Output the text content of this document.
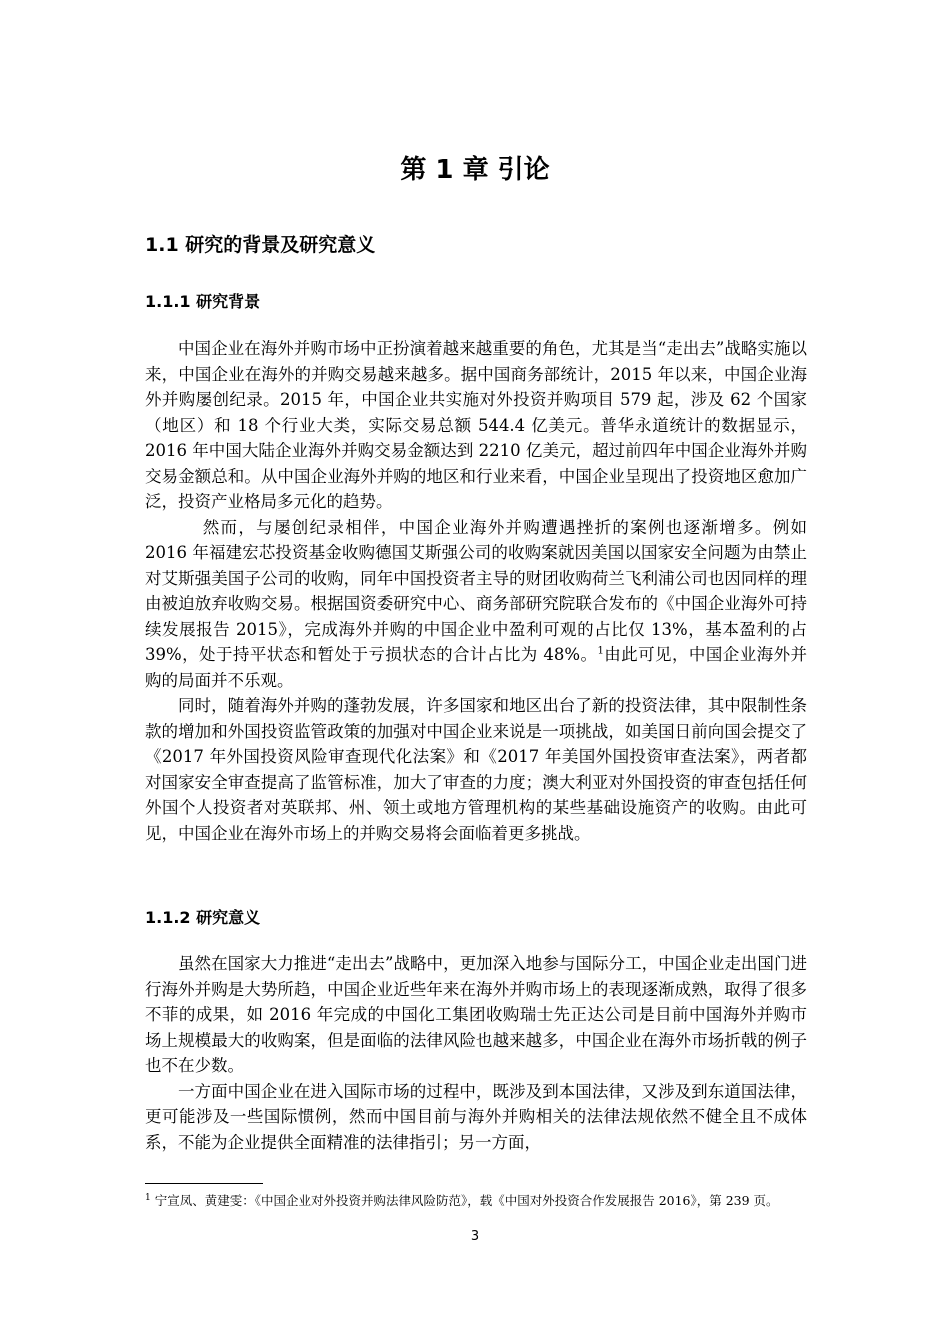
第 1 章 引论
1.1 研究的背景及研究意义
1.1.1 研究背景

中国企业在海外并购市场中正扮演着越来越重要的角色，尤其是当“走出去”战略实施以来，中国企业在海外的并购交易越来越多。据中国商务部统计，2015 年以来，中国企业海外并购屡创纪录。2015 年，中国企业共实施对外投资并购项目 579 起，涉及 62 个国家（地区）和 18 个行业大类，实际交易总额 544.4 亿美元。普华永道统计的数据显示，2016 年中国大陆企业海外并购交易金额达到 2210 亿美元，超过前四年中国企业海外并购交易金额总和。从中国企业海外并购的地区和行业来看，中国企业呈现出了投资地区愈加广泛，投资产业格局多元化的趋势。

然而，与屡创纪录相伴，中国企业海外并购遭遇挫折的案例也逐渐增多。例如 2016 年福建宏芯投资基金收购德国艾斯强公司的收购案就因美国以国家安全问题为由禁止对艾斯强美国子公司的收购，同年中国投资者主导的财团收购荷兰飞利浦公司也因同样的理由被迫放弃收购交易。根据国资委研究中心、商务部研究院联合发布的《中国企业海外可持续发展报告 2015》，完成海外并购的中国企业中盈利可观的占比仅 13%，基本盈利的占 39%，处于持平状态和暂处于亏损状态的合计占比为 48%。$^1$由此可见，中国企业海外并购的局面并不乐观。

同时，随着海外并购的蓬勃发展，许多国家和地区出台了新的投资法律，其中限制性条款的增加和外国投资监管政策的加强对中国企业来说是一项挑战，如美国日前向国会提交了《2017 年外国投资风险审查现代化法案》和《2017 年美国外国投资审查法案》，两者都对国家安全审查提高了监管标准，加大了审查的力度；澳大利亚对外国投资的审查包括任何外国个人投资者对英联邦、州、领土或地方管理机构的某些基础设施资产的收购。由此可见，中国企业在海外市场上的并购交易将会面临着更多挑战。

1.1.2 研究意义

虽然在国家大力推进“走出去”战略中，更加深入地参与国际分工，中国企业走出国门进行海外并购是大势所趋，中国企业近些年来在海外并购市场上的表现逐渐成熟，取得了很多不菲的成果，如 2016 年完成的中国化工集团收购瑞士先正达公司是目前中国海外并购市场上规模最大的收购案，但是面临的法律风险也越来越多，中国企业在海外市场折戟的例子也不在少数。

一方面中国企业在进入国际市场的过程中，既涉及到本国法律，又涉及到东道国法律，更可能涉及一些国际惯例，然而中国目前与海外并购相关的法律法规依然不健全且不成体系，不能为企业提供全面精准的法律指引；另一方面，

$^1$ 宁宣凤、黄建雯：《中国企业对外投资并购法律风险防范》，载《中国对外投资合作发展报告 2016》，第 239 页。

3
